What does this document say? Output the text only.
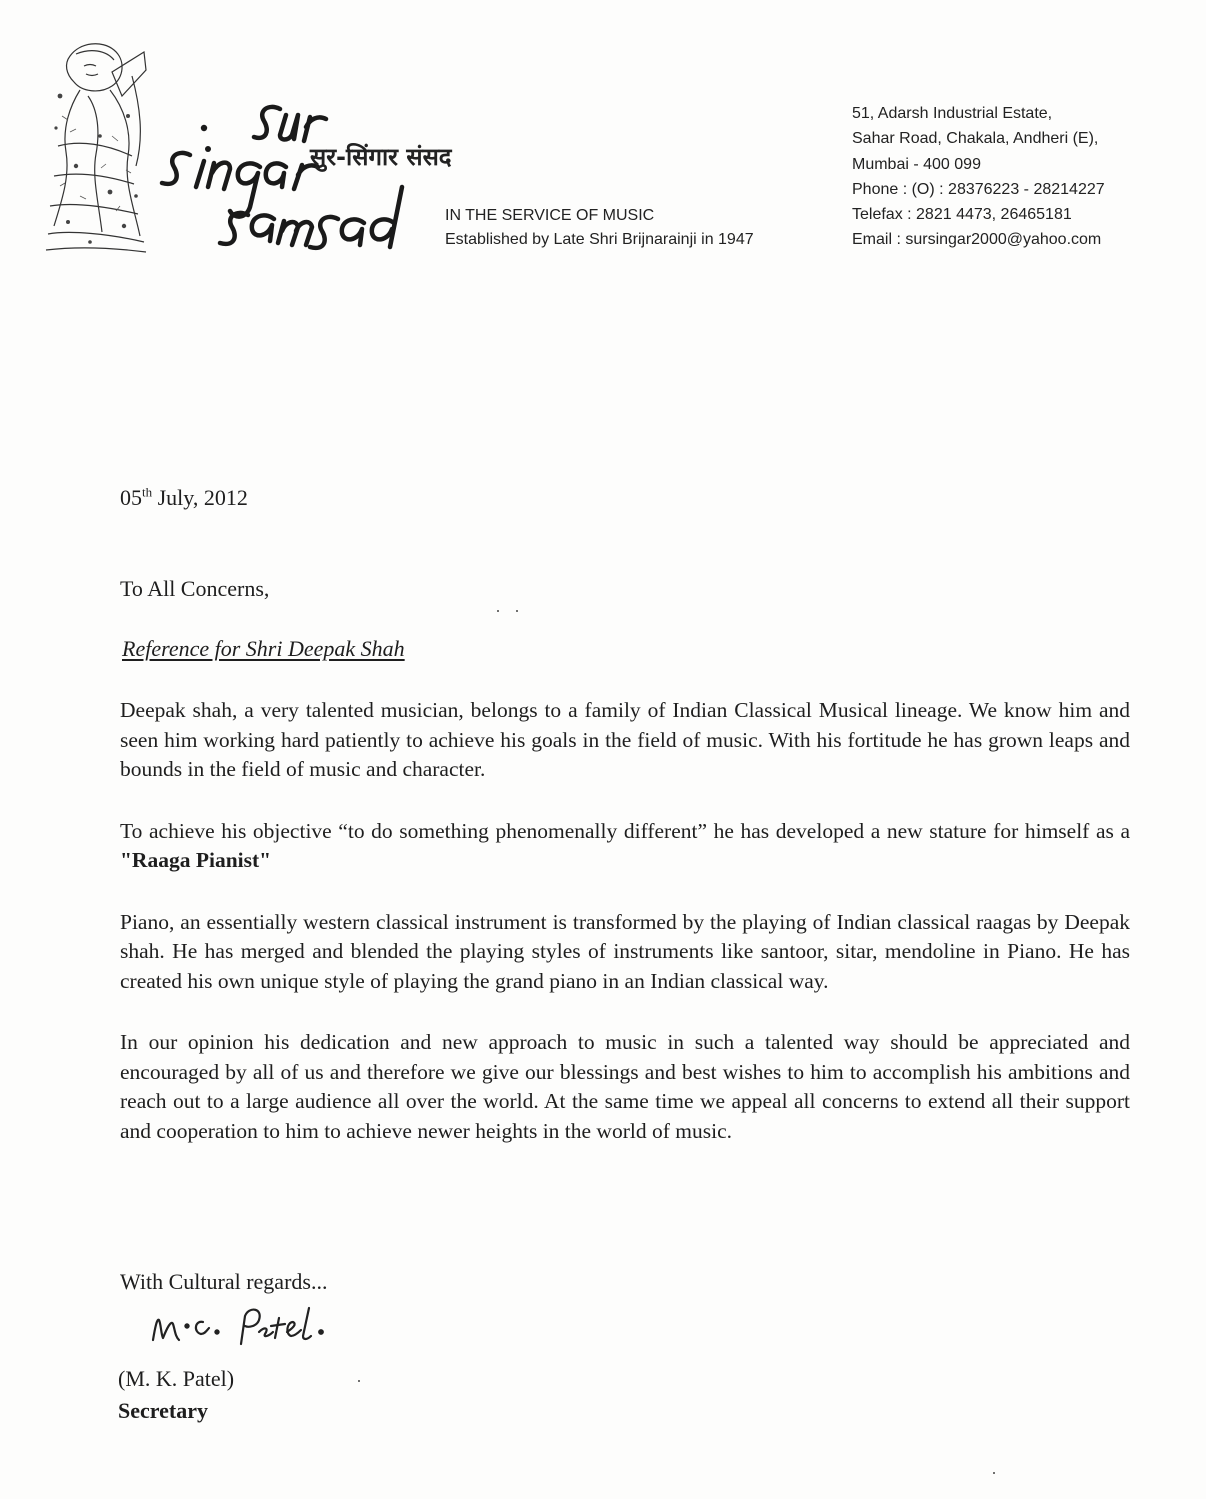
सुर-सिंगार संसद
IN THE SERVICE OF MUSIC
Established by Late Shri Brijnarainji in 1947
51, Adarsh Industrial Estate,
Sahar Road, Chakala, Andheri (E),
Mumbai - 400 099
Phone : (O) : 28376223 - 28214227
Telefax : 2821 4473, 26465181
Email : sursingar2000@yahoo.com
05th July, 2012
To All Concerns,
Reference for Shri Deepak Shah

Deepak shah, a very talented musician, belongs to a family of Indian Classical Musical lineage. We know him and seen him working hard patiently to achieve his goals in the field of music. With his fortitude he has grown leaps and bounds in the field of music and character.

To achieve his objective “to do something phenomenally different” he has developed a new stature for himself as a "Raaga Pianist"

Piano, an essentially western classical instrument is transformed by the playing of Indian classical raagas by Deepak shah. He has merged and blended the playing styles of instruments like santoor, sitar, mendoline in Piano. He has created his own unique style of playing the grand piano in an Indian classical way.

In our opinion his dedication and new approach to music in such a talented way should be appreciated and encouraged by all of us and therefore we give our blessings and best wishes to him to accomplish his ambitions and reach out to a large audience all over the world. At the same time we appeal all concerns to extend all their support and cooperation to him to achieve newer heights in the world of music.

With Cultural regards...
(M. K. Patel)
Secretary
